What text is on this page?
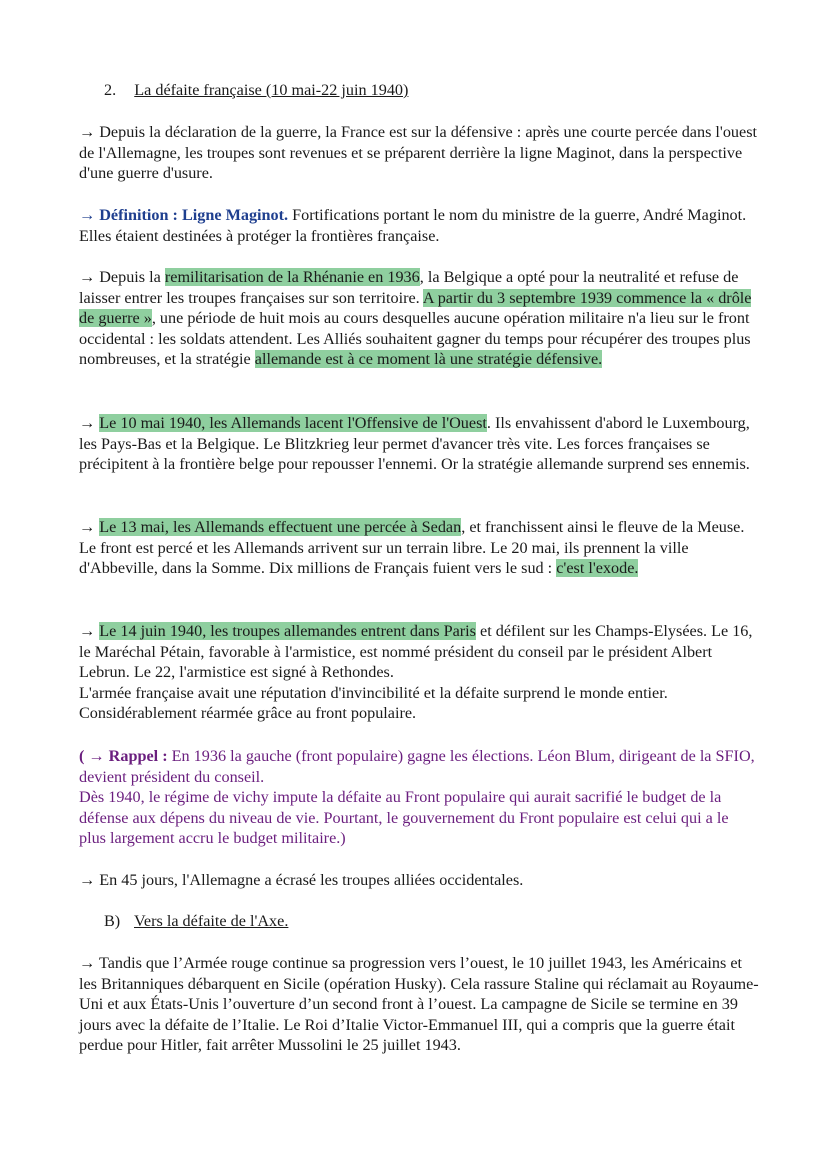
2. La défaite française (10 mai-22 juin 1940)

→ Depuis la déclaration de la guerre, la France est sur la défensive : après une courte percée dans l'ouest de l'Allemagne, les troupes sont revenues et se préparent derrière la ligne Maginot, dans la perspective d'une guerre d'usure.

→ Définition : Ligne Maginot. Fortifications portant le nom du ministre de la guerre, André Maginot. Elles étaient destinées à protéger la frontières française.

→ Depuis la remilitarisation de la Rhénanie en 1936, la Belgique a opté pour la neutralité et refuse de laisser entrer les troupes françaises sur son territoire. A partir du 3 septembre 1939 commence la « drôle de guerre », une période de huit mois au cours desquelles aucune opération militaire n'a lieu sur le front occidental : les soldats attendent. Les Alliés souhaitent gagner du temps pour récupérer des troupes plus nombreuses, et la stratégie allemande est à ce moment là une stratégie défensive.

→ Le 10 mai 1940, les Allemands lacent l'Offensive de l'Ouest. Ils envahissent d'abord le Luxembourg, les Pays-Bas et la Belgique. Le Blitzkrieg leur permet d'avancer très vite. Les forces françaises se précipitent à la frontière belge pour repousser l'ennemi. Or la stratégie allemande surprend ses ennemis.

→ Le 13 mai, les Allemands effectuent une percée à Sedan, et franchissent ainsi le fleuve de la Meuse. Le front est percé et les Allemands arrivent sur un terrain libre. Le 20 mai, ils prennent la ville d'Abbeville, dans la Somme. Dix millions de Français fuient vers le sud : c'est l'exode.

→ Le 14 juin 1940, les troupes allemandes entrent dans Paris et défilent sur les Champs-Elysées. Le 16, le Maréchal Pétain, favorable à l'armistice, est nommé président du conseil par le président Albert Lebrun. Le 22, l'armistice est signé à Rethondes.
L'armée française avait une réputation d'invincibilité et la défaite surprend le monde entier.
Considérablement réarmée grâce au front populaire.

( → Rappel : En 1936 la gauche (front populaire) gagne les élections. Léon Blum, dirigeant de la SFIO, devient président du conseil.
Dès 1940, le régime de vichy impute la défaite au Front populaire qui aurait sacrifié le budget de la défense aux dépens du niveau de vie. Pourtant, le gouvernement du Front populaire est celui qui a le plus largement accru le budget militaire.)

→ En 45 jours, l'Allemagne a écrasé les troupes alliées occidentales.

B) Vers la défaite de l'Axe.

→ Tandis que l’Armée rouge continue sa progression vers l’ouest, le 10 juillet 1943, les Américains et les Britanniques débarquent en Sicile (opération Husky). Cela rassure Staline qui réclamait au Royaume-Uni et aux États-Unis l’ouverture d’un second front à l’ouest. La campagne de Sicile se termine en 39 jours avec la défaite de l’Italie. Le Roi d’Italie Victor-Emmanuel III, qui a compris que la guerre était perdue pour Hitler, fait arrêter Mussolini le 25 juillet 1943.
